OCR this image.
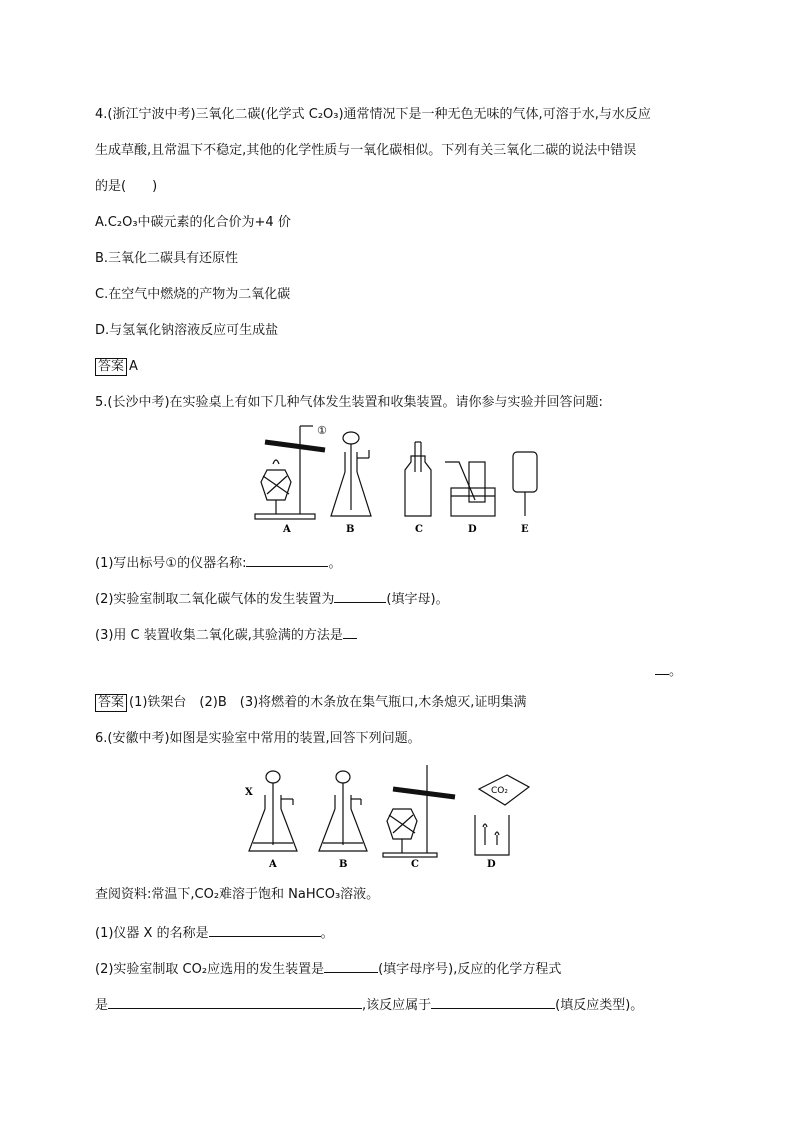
4.(浙江宁波中考)三氧化二碳(化学式 C₂O₃)通常情况下是一种无色无味的气体,可溶于水,与水反应
生成草酸,且常温下不稳定,其他的化学性质与一氧化碳相似。下列有关三氧化二碳的说法中错误
的是(　　)
A.C₂O₃中碳元素的化合价为+4 价
B.三氧化二碳具有还原性
C.在空气中燃烧的产物为二氧化碳
D.与氢氧化钠溶液反应可生成盐
答案 A
5.(长沙中考)在实验桌上有如下几种气体发生装置和收集装置。请你参与实验并回答问题:
A	B	C	D	E
①
(1)写出标号①的仪器名称:	。
(2)实验室制取二氧化碳气体的发生装置为	(填字母)。
(3)用 C 装置收集二氧化碳,其验满的方法是
。
答案 (1)铁架台　(2)B　(3)将燃着的木条放在集气瓶口,木条熄灭,证明集满
6.(安徽中考)如图是实验室中常用的装置,回答下列问题。
X	CO₂
A	B	C	D
查阅资料:常温下,CO₂难溶于饱和 NaHCO₃溶液。
(1)仪器 X 的名称是	。
(2)实验室制取 CO₂应选用的发生装置是	(填字母序号),反应的化学方程式
是	,该反应属于	(填反应类型)。
